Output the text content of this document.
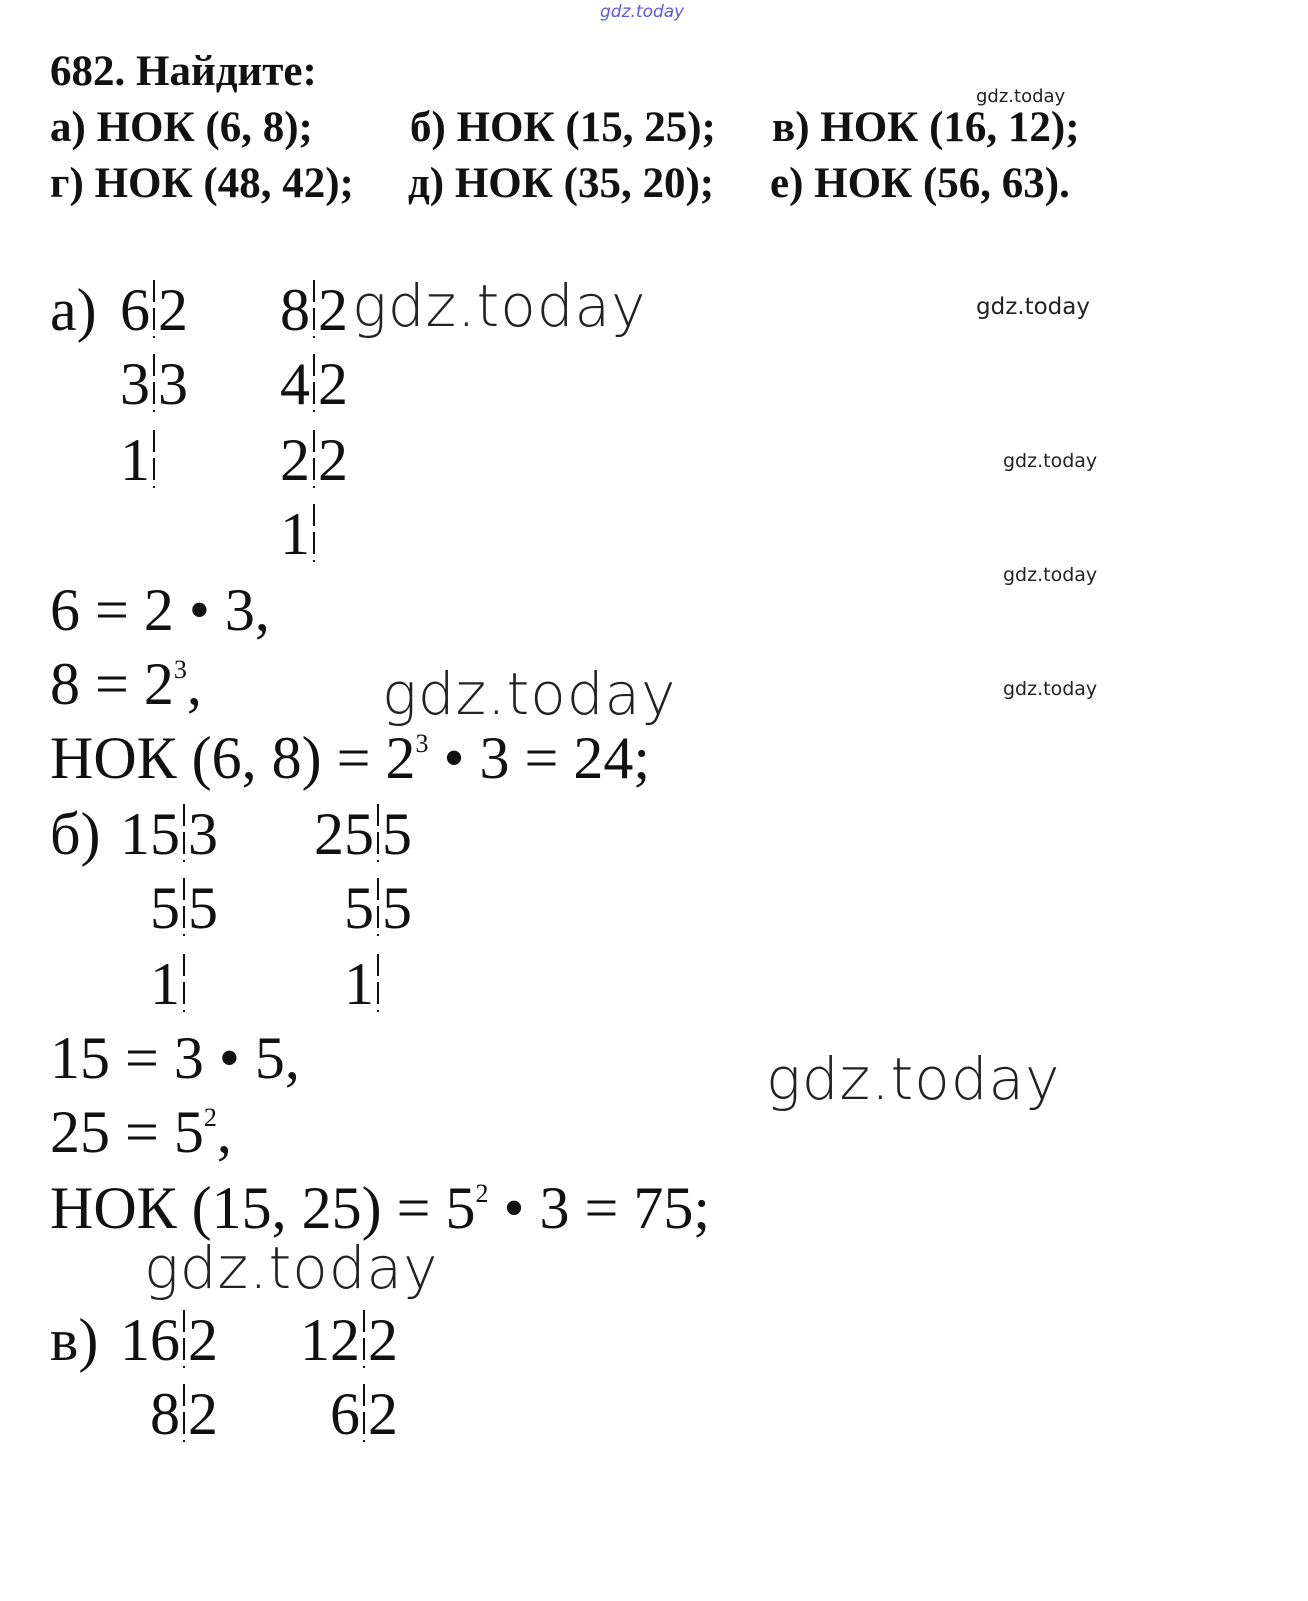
gdz.today
gdz.today
gdz.today	gdz.today
gdz.today
gdz.today
gdz.today
gdz.today
gdz.today
gdz.today
682. Найдите:
а) НОК (6, 8); б) НОК (15, 25); в) НОК (16, 12);
г) НОК (48, 42); д) НОК (35, 20); е) НОК (56, 63).
а) 6 2
3 3
1
8 2
4 2
2 2
1
6 = 2 • 3,
$8 = 2^3$,
НОК (6, $8) = 2^3$ • 3 = 24;
б) 15 3
5 5
1
25 5
5 5
1
15 = 3 • 5,
$25 = 5^2$,
НОК (15, $25) = 5^2$ • 3 = 75;
в) 16 2
8 2
12 2
6 2
